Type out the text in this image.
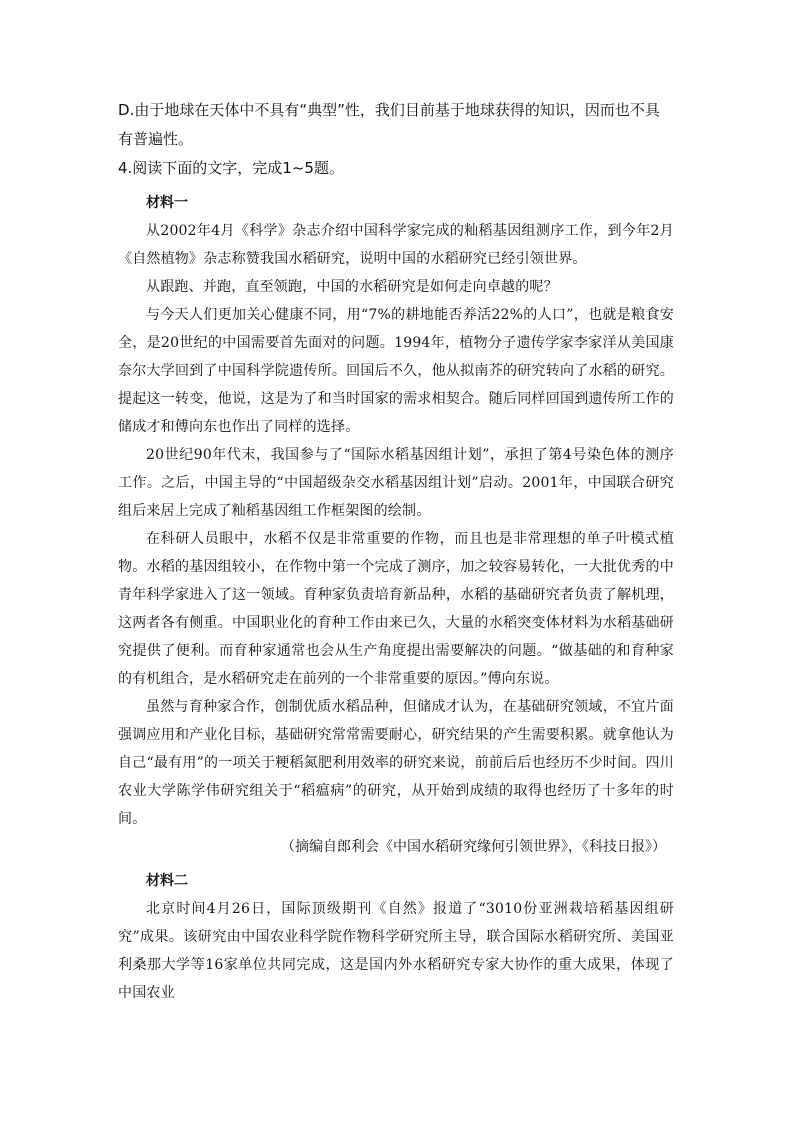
D.由于地球在天体中不具有“典型”性，我们目前基于地球获得的知识，因而也不具有普遍性。

4.阅读下面的文字，完成1~5题。

材料一

从2002年4月《科学》杂志介绍中国科学家完成的籼稻基因组测序工作，到今年2月《自然植物》杂志称赞我国水稻研究，说明中国的水稻研究已经引领世界。

从跟跑、并跑，直至领跑，中国的水稻研究是如何走向卓越的呢？

与今天人们更加关心健康不同，用“7%的耕地能否养活22%的人口”，也就是粮食安全，是20世纪的中国需要首先面对的问题。1994年，植物分子遗传学家李家洋从美国康奈尔大学回到了中国科学院遗传所。回国后不久，他从拟南芥的研究转向了水稻的研究。提起这一转变，他说，这是为了和当时国家的需求相契合。随后同样回国到遗传所工作的储成才和傅向东也作出了同样的选择。

20世纪90年代末，我国参与了“国际水稻基因组计划”，承担了第4号染色体的测序工作。之后，中国主导的“中国超级杂交水稻基因组计划”启动。2001年，中国联合研究组后来居上完成了籼稻基因组工作框架图的绘制。

在科研人员眼中，水稻不仅是非常重要的作物，而且也是非常理想的单子叶模式植物。水稻的基因组较小，在作物中第一个完成了测序，加之较容易转化，一大批优秀的中青年科学家进入了这一领域。育种家负责培育新品种，水稻的基础研究者负责了解机理，这两者各有侧重。中国职业化的育种工作由来已久，大量的水稻突变体材料为水稻基础研究提供了便利。而育种家通常也会从生产角度提出需要解决的问题。“做基础的和育种家的有机组合，是水稻研究走在前列的一个非常重要的原因。”傅向东说。

虽然与育种家合作，创制优质水稻品种，但储成才认为，在基础研究领域，不宜片面强调应用和产业化目标，基础研究常常需要耐心，研究结果的产生需要积累。就拿他认为自己“最有用”的一项关于粳稻氮肥利用效率的研究来说，前前后后也经历不少时间。四川农业大学陈学伟研究组关于“稻瘟病”的研究，从开始到成绩的取得也经历了十多年的时间。

（摘编自郎利会《中国水稻研究缘何引领世界》，《科技日报》）

材料二

北京时间4月26日，国际顶级期刊《自然》报道了“3010份亚洲栽培稻基因组研究”成果。该研究由中国农业科学院作物科学研究所主导，联合国际水稻研究所、美国亚利桑那大学等16家单位共同完成，这是国内外水稻研究专家大协作的重大成果，体现了中国农业
